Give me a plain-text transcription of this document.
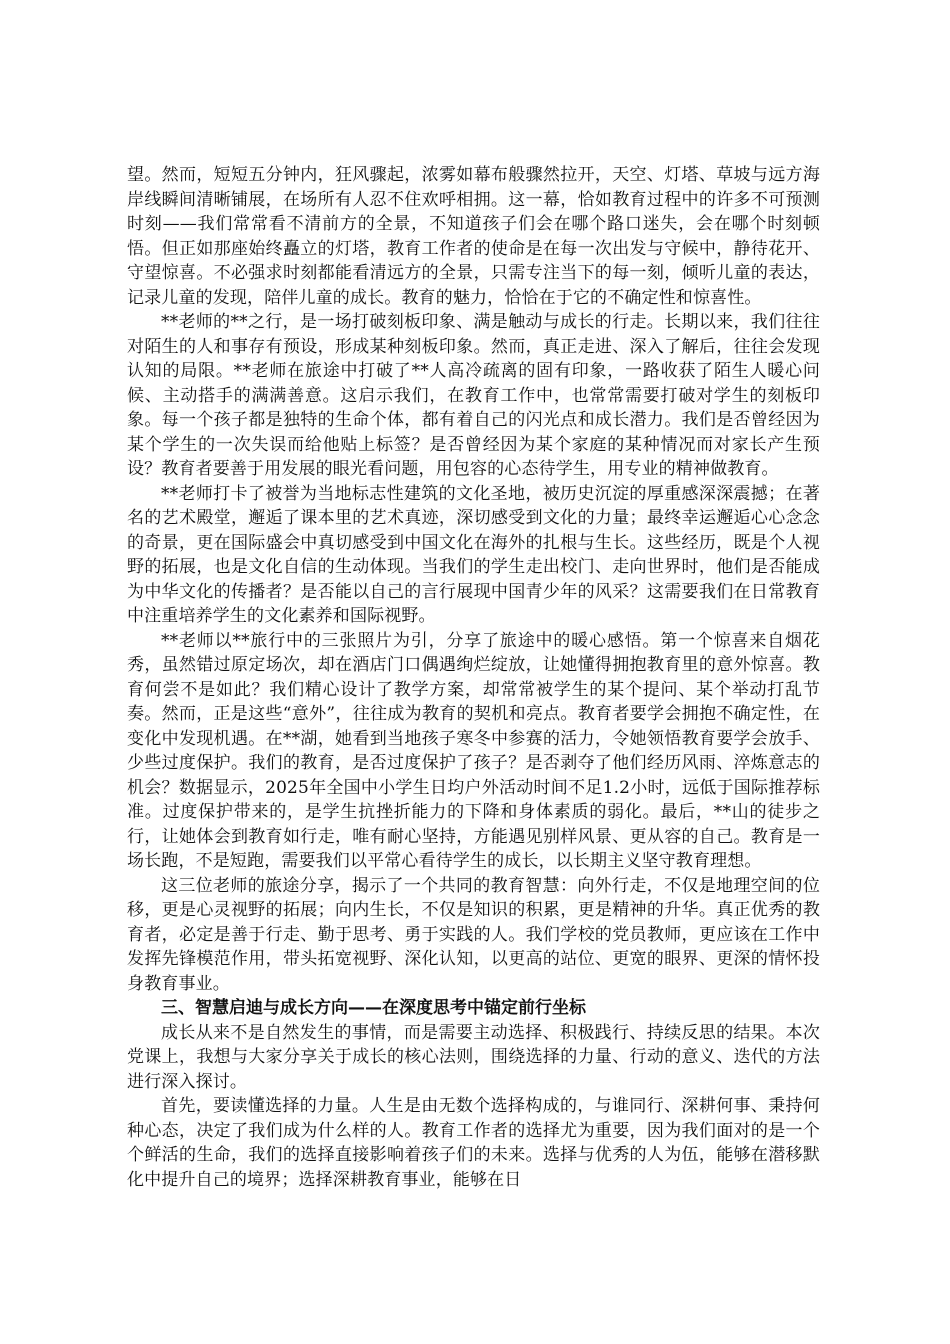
望。然而，短短五分钟内，狂风骤起，浓雾如幕布般骤然拉开，天空、灯塔、草坡与远方海岸线瞬间清晰铺展，在场所有人忍不住欢呼相拥。这一幕，恰如教育过程中的许多不可预测时刻——我们常常看不清前方的全景，不知道孩子们会在哪个路口迷失，会在哪个时刻顿悟。但正如那座始终矗立的灯塔，教育工作者的使命是在每一次出发与守候中，静待花开、守望惊喜。不必强求时刻都能看清远方的全景，只需专注当下的每一刻，倾听儿童的表达，记录儿童的发现，陪伴儿童的成长。教育的魅力，恰恰在于它的不确定性和惊喜性。

**老师的**之行，是一场打破刻板印象、满是触动与成长的行走。长期以来，我们往往对陌生的人和事存有预设，形成某种刻板印象。然而，真正走进、深入了解后，往往会发现认知的局限。**老师在旅途中打破了**人高冷疏离的固有印象，一路收获了陌生人暖心问候、主动搭手的满满善意。这启示我们，在教育工作中，也常常需要打破对学生的刻板印象。每一个孩子都是独特的生命个体，都有着自己的闪光点和成长潜力。我们是否曾经因为某个学生的一次失误而给他贴上标签？是否曾经因为某个家庭的某种情况而对家长产生预设？教育者要善于用发展的眼光看问题，用包容的心态待学生，用专业的精神做教育。

**老师打卡了被誉为当地标志性建筑的文化圣地，被历史沉淀的厚重感深深震撼；在著名的艺术殿堂，邂逅了课本里的艺术真迹，深切感受到文化的力量；最终幸运邂逅心心念念的奇景，更在国际盛会中真切感受到中国文化在海外的扎根与生长。这些经历，既是个人视野的拓展，也是文化自信的生动体现。当我们的学生走出校门、走向世界时，他们是否能成为中华文化的传播者？是否能以自己的言行展现中国青少年的风采？这需要我们在日常教育中注重培养学生的文化素养和国际视野。

**老师以**旅行中的三张照片为引，分享了旅途中的暖心感悟。第一个惊喜来自烟花秀，虽然错过原定场次，却在酒店门口偶遇绚烂绽放，让她懂得拥抱教育里的意外惊喜。教育何尝不是如此？我们精心设计了教学方案，却常常被学生的某个提问、某个举动打乱节奏。然而，正是这些“意外”，往往成为教育的契机和亮点。教育者要学会拥抱不确定性，在变化中发现机遇。在**湖，她看到当地孩子寒冬中参赛的活力，令她领悟教育要学会放手、少些过度保护。我们的教育，是否过度保护了孩子？是否剥夺了他们经历风雨、淬炼意志的机会？数据显示，2025年全国中小学生日均户外活动时间不足1.2小时，远低于国际推荐标准。过度保护带来的，是学生抗挫折能力的下降和身体素质的弱化。最后，**山的徒步之行，让她体会到教育如行走，唯有耐心坚持，方能遇见别样风景、更从容的自己。教育是一场长跑，不是短跑，需要我们以平常心看待学生的成长，以长期主义坚守教育理想。

这三位老师的旅途分享，揭示了一个共同的教育智慧：向外行走，不仅是地理空间的位移，更是心灵视野的拓展；向内生长，不仅是知识的积累，更是精神的升华。真正优秀的教育者，必定是善于行走、勤于思考、勇于实践的人。我们学校的党员教师，更应该在工作中发挥先锋模范作用，带头拓宽视野、深化认知，以更高的站位、更宽的眼界、更深的情怀投身教育事业。

三、智慧启迪与成长方向——在深度思考中锚定前行坐标

成长从来不是自然发生的事情，而是需要主动选择、积极践行、持续反思的结果。本次党课上，我想与大家分享关于成长的核心法则，围绕选择的力量、行动的意义、迭代的方法进行深入探讨。

首先，要读懂选择的力量。人生是由无数个选择构成的，与谁同行、深耕何事、秉持何种心态，决定了我们成为什么样的人。教育工作者的选择尤为重要，因为我们面对的是一个个鲜活的生命，我们的选择直接影响着孩子们的未来。选择与优秀的人为伍，能够在潜移默化中提升自己的境界；选择深耕教育事业，能够在日
